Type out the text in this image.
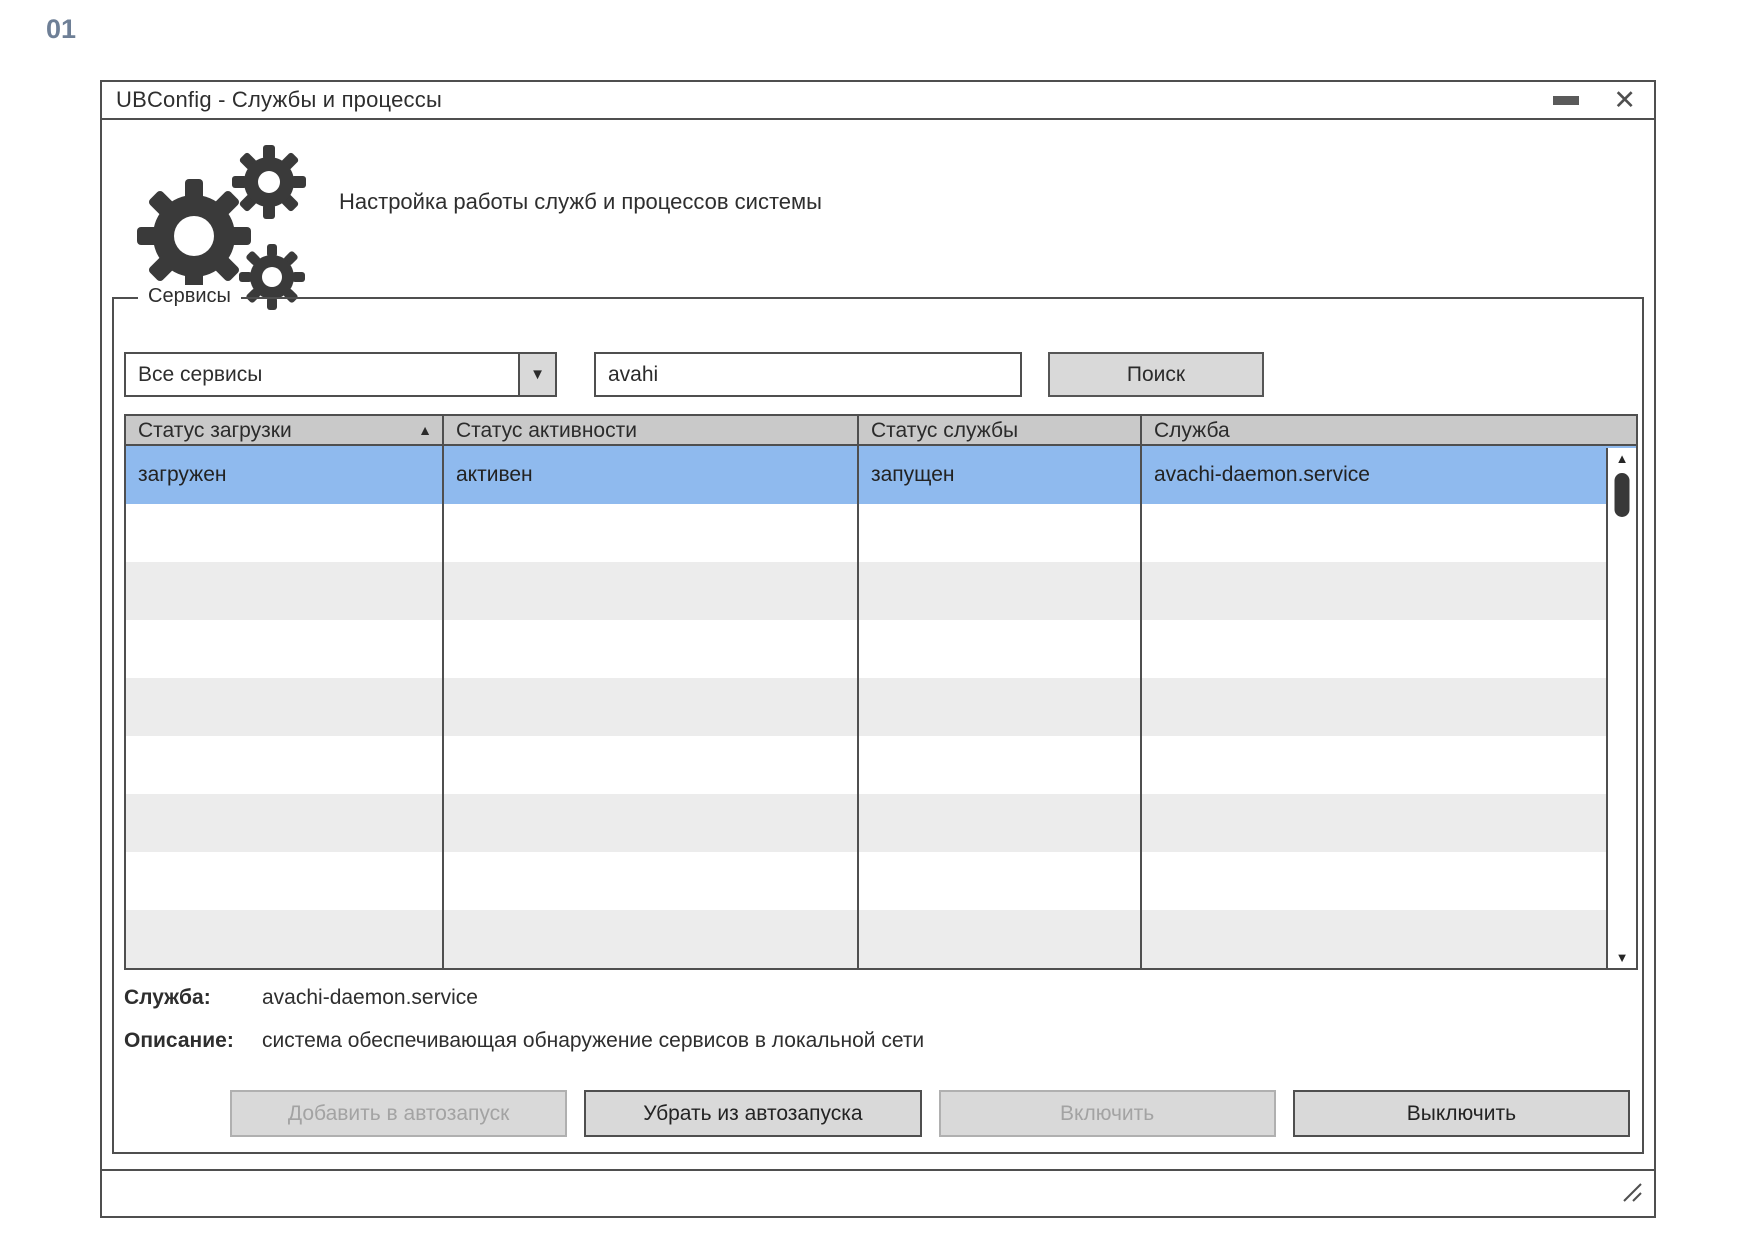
01
UBConfig - Службы и процессы	✕
Настройка работы служб и процессов системы
Сервисы
Все сервисы	▼
avahi	Поиск
Статус загрузки	▲ Статус активности	Статус службы	Служба
загружен	активен	запущен	avachi-daemon.service
▲
▼
Служба:	avachi-daemon.service
Описание:	система обеспечивающая обнаружение сервисов в локальной сети
Добавить в автозапуск	Убрать из автозапуска	Включить	Выключить
